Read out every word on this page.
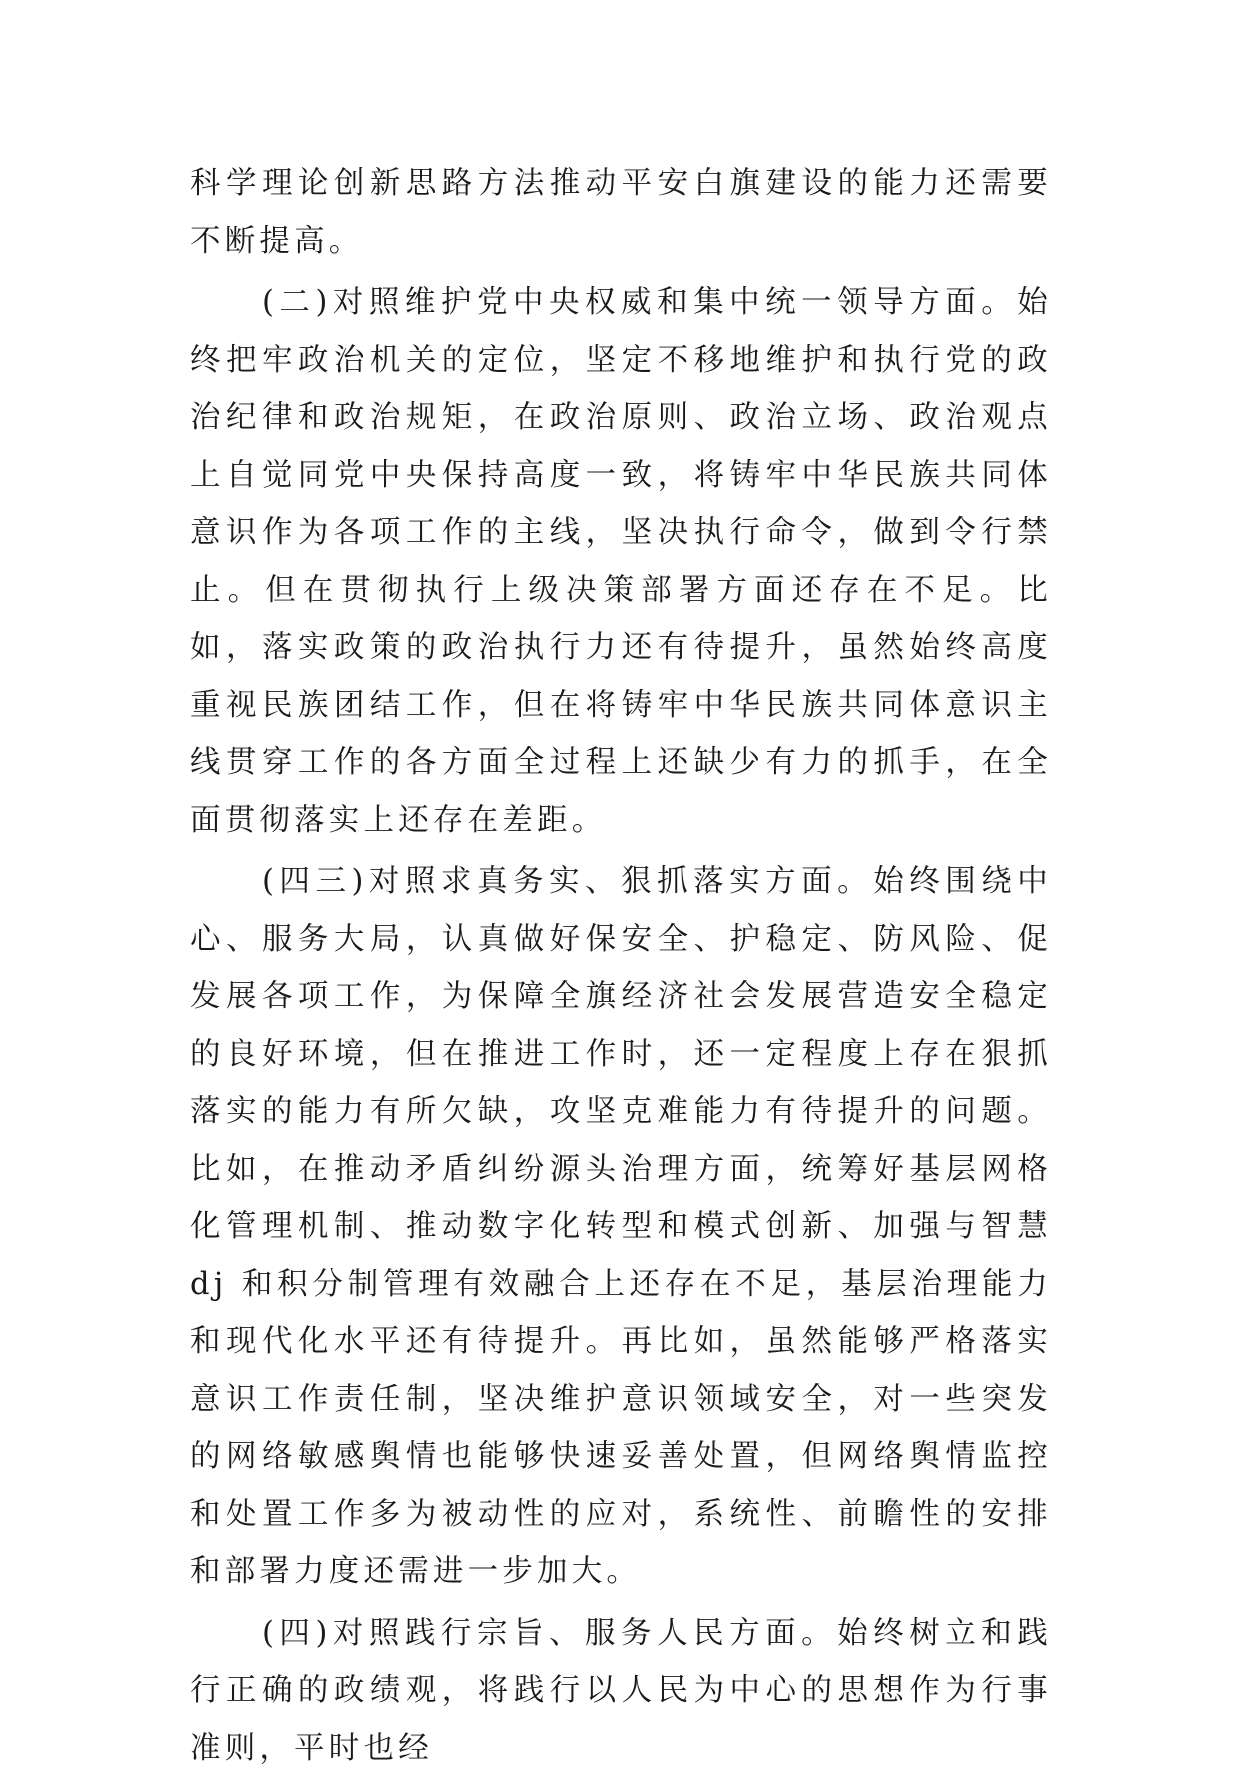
科学理论创新思路方法推动平安白旗建设的能力还需要不断提高。

(二)对照维护党中央权威和集中统一领导方面。始终把牢政治机关的定位，坚定不移地维护和执行党的政治纪律和政治规矩，在政治原则、政治立场、政治观点上自觉同党中央保持高度一致，将铸牢中华民族共同体意识作为各项工作的主线，坚决执行命令，做到令行禁止。但在贯彻执行上级决策部署方面还存在不足。比如，落实政策的政治执行力还有待提升，虽然始终高度重视民族团结工作，但在将铸牢中华民族共同体意识主线贯穿工作的各方面全过程上还缺少有力的抓手，在全面贯彻落实上还存在差距。

(四三)对照求真务实、狠抓落实方面。始终围绕中心、服务大局，认真做好保安全、护稳定、防风险、促发展各项工作，为保障全旗经济社会发展营造安全稳定的良好环境，但在推进工作时，还一定程度上存在狠抓落实的能力有所欠缺，攻坚克难能力有待提升的问题。比如，在推动矛盾纠纷源头治理方面，统筹好基层网格化管理机制、推动数字化转型和模式创新、加强与智慧 dj 和积分制管理有效融合上还存在不足，基层治理能力和现代化水平还有待提升。再比如，虽然能够严格落实意识工作责任制，坚决维护意识领域安全，对一些突发的网络敏感舆情也能够快速妥善处置，但网络舆情监控和处置工作多为被动性的应对，系统性、前瞻性的安排和部署力度还需进一步加大。

(四)对照践行宗旨、服务人民方面。始终树立和践行正确的政绩观，将践行以人民为中心的思想作为行事准则，平时也经
